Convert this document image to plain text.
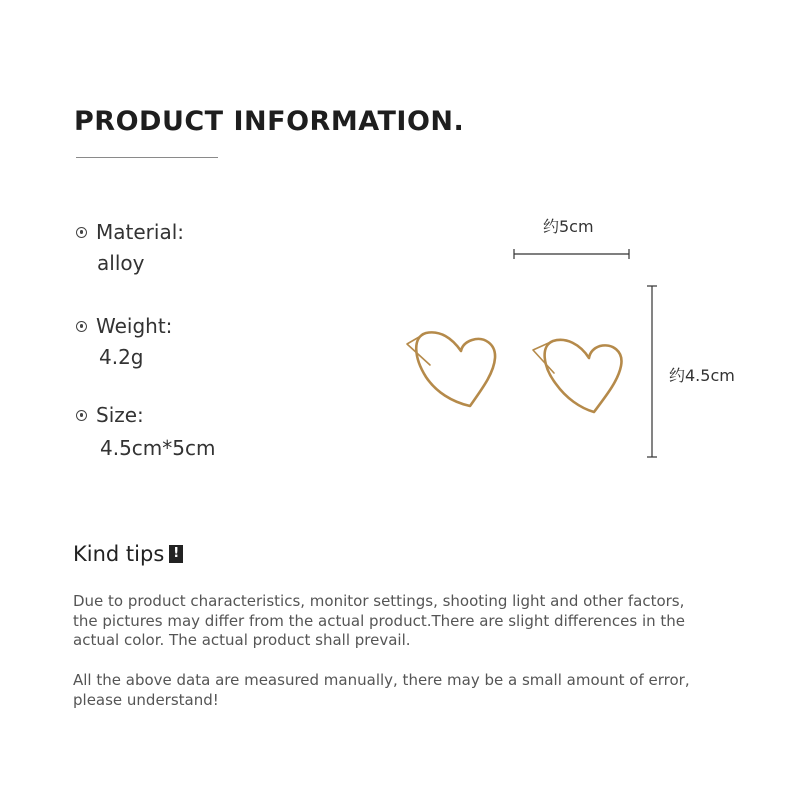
PRODUCT INFORMATION.
Material:
alloy
Weight:
4.2g
Size:
4.5cm*5cm
约5cm
约4.5cm
Kind tips !
Due to product characteristics, monitor settings, shooting light and other factors, the pictures may differ from the actual product.There are slight differences in the actual color. The actual product shall prevail.
All the above data are measured manually, there may be a small amount of error, please understand!
